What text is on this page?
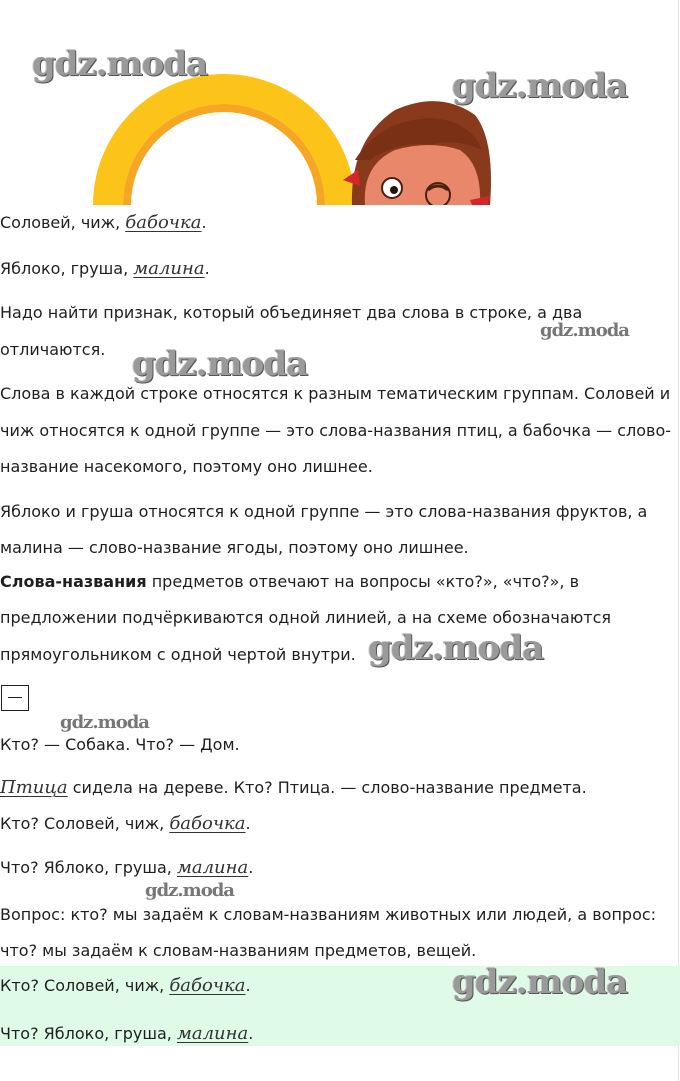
Соловей, чиж, бабочка.

Яблоко, груша, малина.

Надо найти признак, который объединяет два слова в строке, а два

отличаются.

Слова в каждой строке относятся к разным тематическим группам. Соловей и

чиж относятся к одной группе — это слова-названия птиц, а бабочка — слово-

название насекомого, поэтому оно лишнее.

Яблоко и груша относятся к одной группе — это слова-названия фруктов, а

малина — слово-название ягоды, поэтому оно лишнее.

Слова-названия предметов отвечают на вопросы «кто?», «что?», в

предложении подчёркиваются одной линией, а на схеме обозначаются

прямоугольником с одной чертой внутри.

Кто? — Собака. Что? — Дом.

Птица сидела на дереве. Кто? Птица. — слово-название предмета.

Кто? Соловей, чиж, бабочка.

Что? Яблоко, груша, малина.

Вопрос: кто? мы задаём к словам-названиям животных или людей, а вопрос:

что? мы задаём к словам-названиям предметов, вещей.

Кто? Соловей, чиж, бабочка.

Что? Яблоко, груша, малина.

gdz.moda
gdz.moda
gdz.moda
gdz.moda
gdz.moda
gdz.moda
gdz.moda
gdz.moda
